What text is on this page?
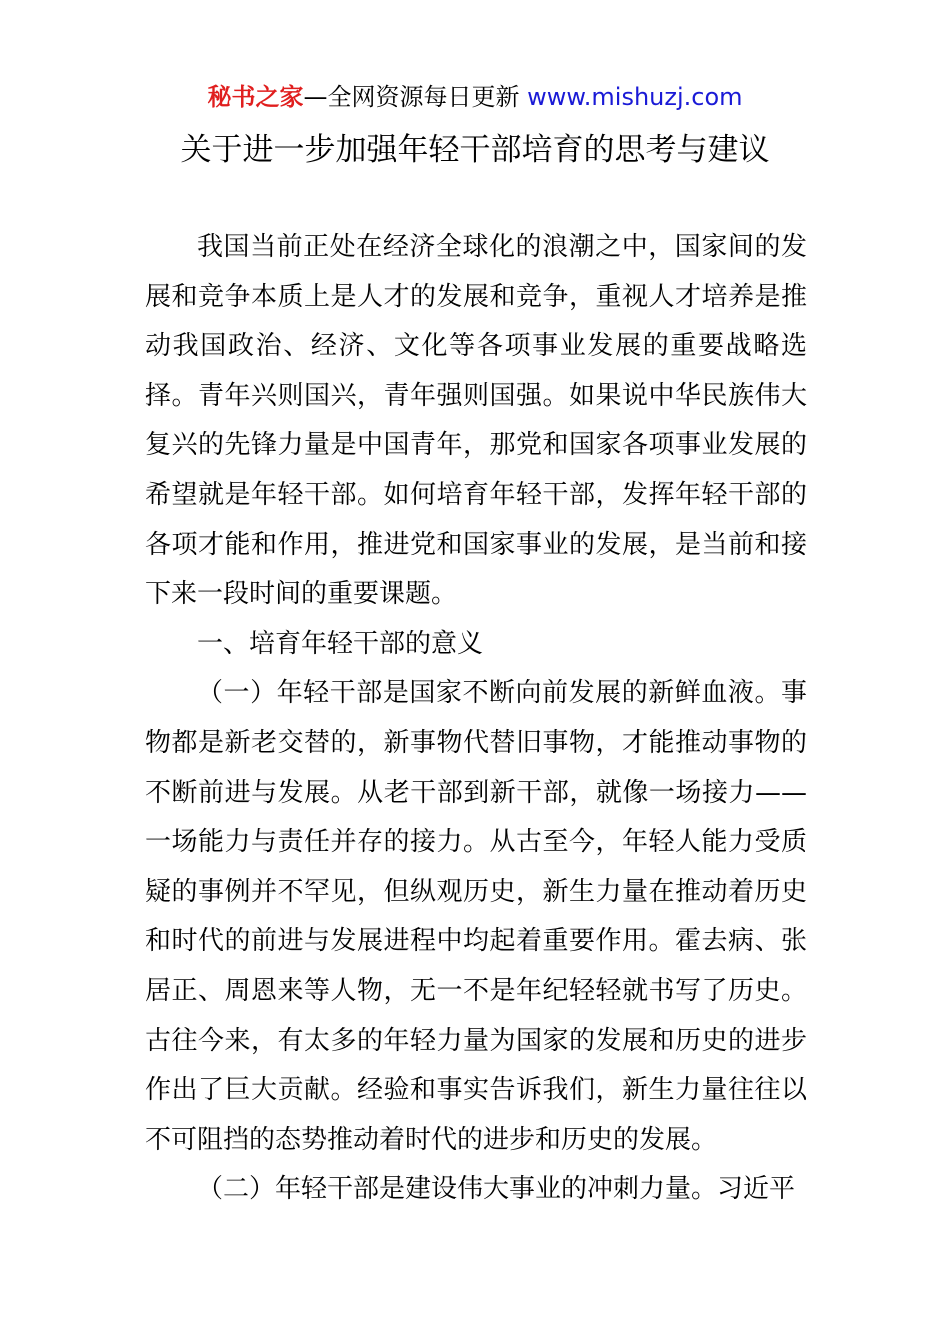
秘书之家—全网资源每日更新 www.mishuzj.com
关于进一步加强年轻干部培育的思考与建议

我国当前正处在经济全球化的浪潮之中，国家间的发展和竞争本质上是人才的发展和竞争，重视人才培养是推动我国政治、经济、文化等各项事业发展的重要战略选择。青年兴则国兴，青年强则国强。如果说中华民族伟大复兴的先锋力量是中国青年，那党和国家各项事业发展的希望就是年轻干部。如何培育年轻干部，发挥年轻干部的各项才能和作用，推进党和国家事业的发展，是当前和接下来一段时间的重要课题。

一、培育年轻干部的意义

（一）年轻干部是国家不断向前发展的新鲜血液。事物都是新老交替的，新事物代替旧事物，才能推动事物的不断前进与发展。从老干部到新干部，就像一场接力——一场能力与责任并存的接力。从古至今，年轻人能力受质疑的事例并不罕见，但纵观历史，新生力量在推动着历史和时代的前进与发展进程中均起着重要作用。霍去病、张居正、周恩来等人物，无一不是年纪轻轻就书写了历史。古往今来，有太多的年轻力量为国家的发展和历史的进步作出了巨大贡献。经验和事实告诉我们，新生力量往往以不可阻挡的态势推动着时代的进步和历史的发展。

（二）年轻干部是建设伟大事业的冲刺力量。习近平
